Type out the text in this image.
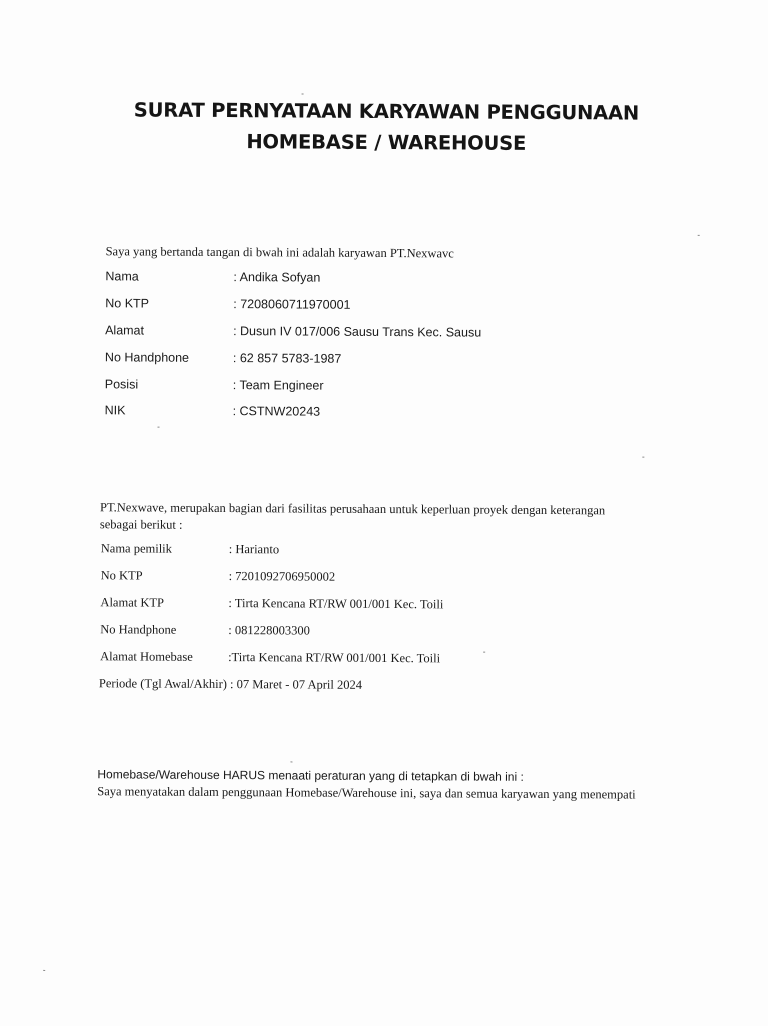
SURAT PERNYATAAN KARYAWAN PENGGUNAAN
HOMEBASE / WAREHOUSE
Saya yang bertanda tangan di bwah ini adalah karyawan PT.Nexwavc
Nama	: Andika Sofyan
No KTP	: 7208060711970001
Alamat	: Dusun IV 017/006 Sausu Trans Kec. Sausu
No Handphone	: 62 857 5783-1987
Posisi	: Team Engineer
NIK	: CSTNW20243
PT.Nexwave, merupakan bagian dari fasilitas perusahaan untuk keperluan proyek dengan keterangan sebagai berikut :
Nama pemilik	: Harianto
No KTP	: 7201092706950002
Alamat KTP	: Tirta Kencana RT/RW 001/001 Kec. Toili
No Handphone	: 081228003300
Alamat Homebase	:Tirta Kencana RT/RW 001/001 Kec. Toili
Periode (Tgl Awal/Akhir) : 07 Maret - 07 April 2024
Homebase/Warehouse HARUS menaati peraturan yang di tetapkan di bwah ini :
Saya menyatakan dalam penggunaan Homebase/Warehouse ini, saya dan semua karyawan yang menempati
